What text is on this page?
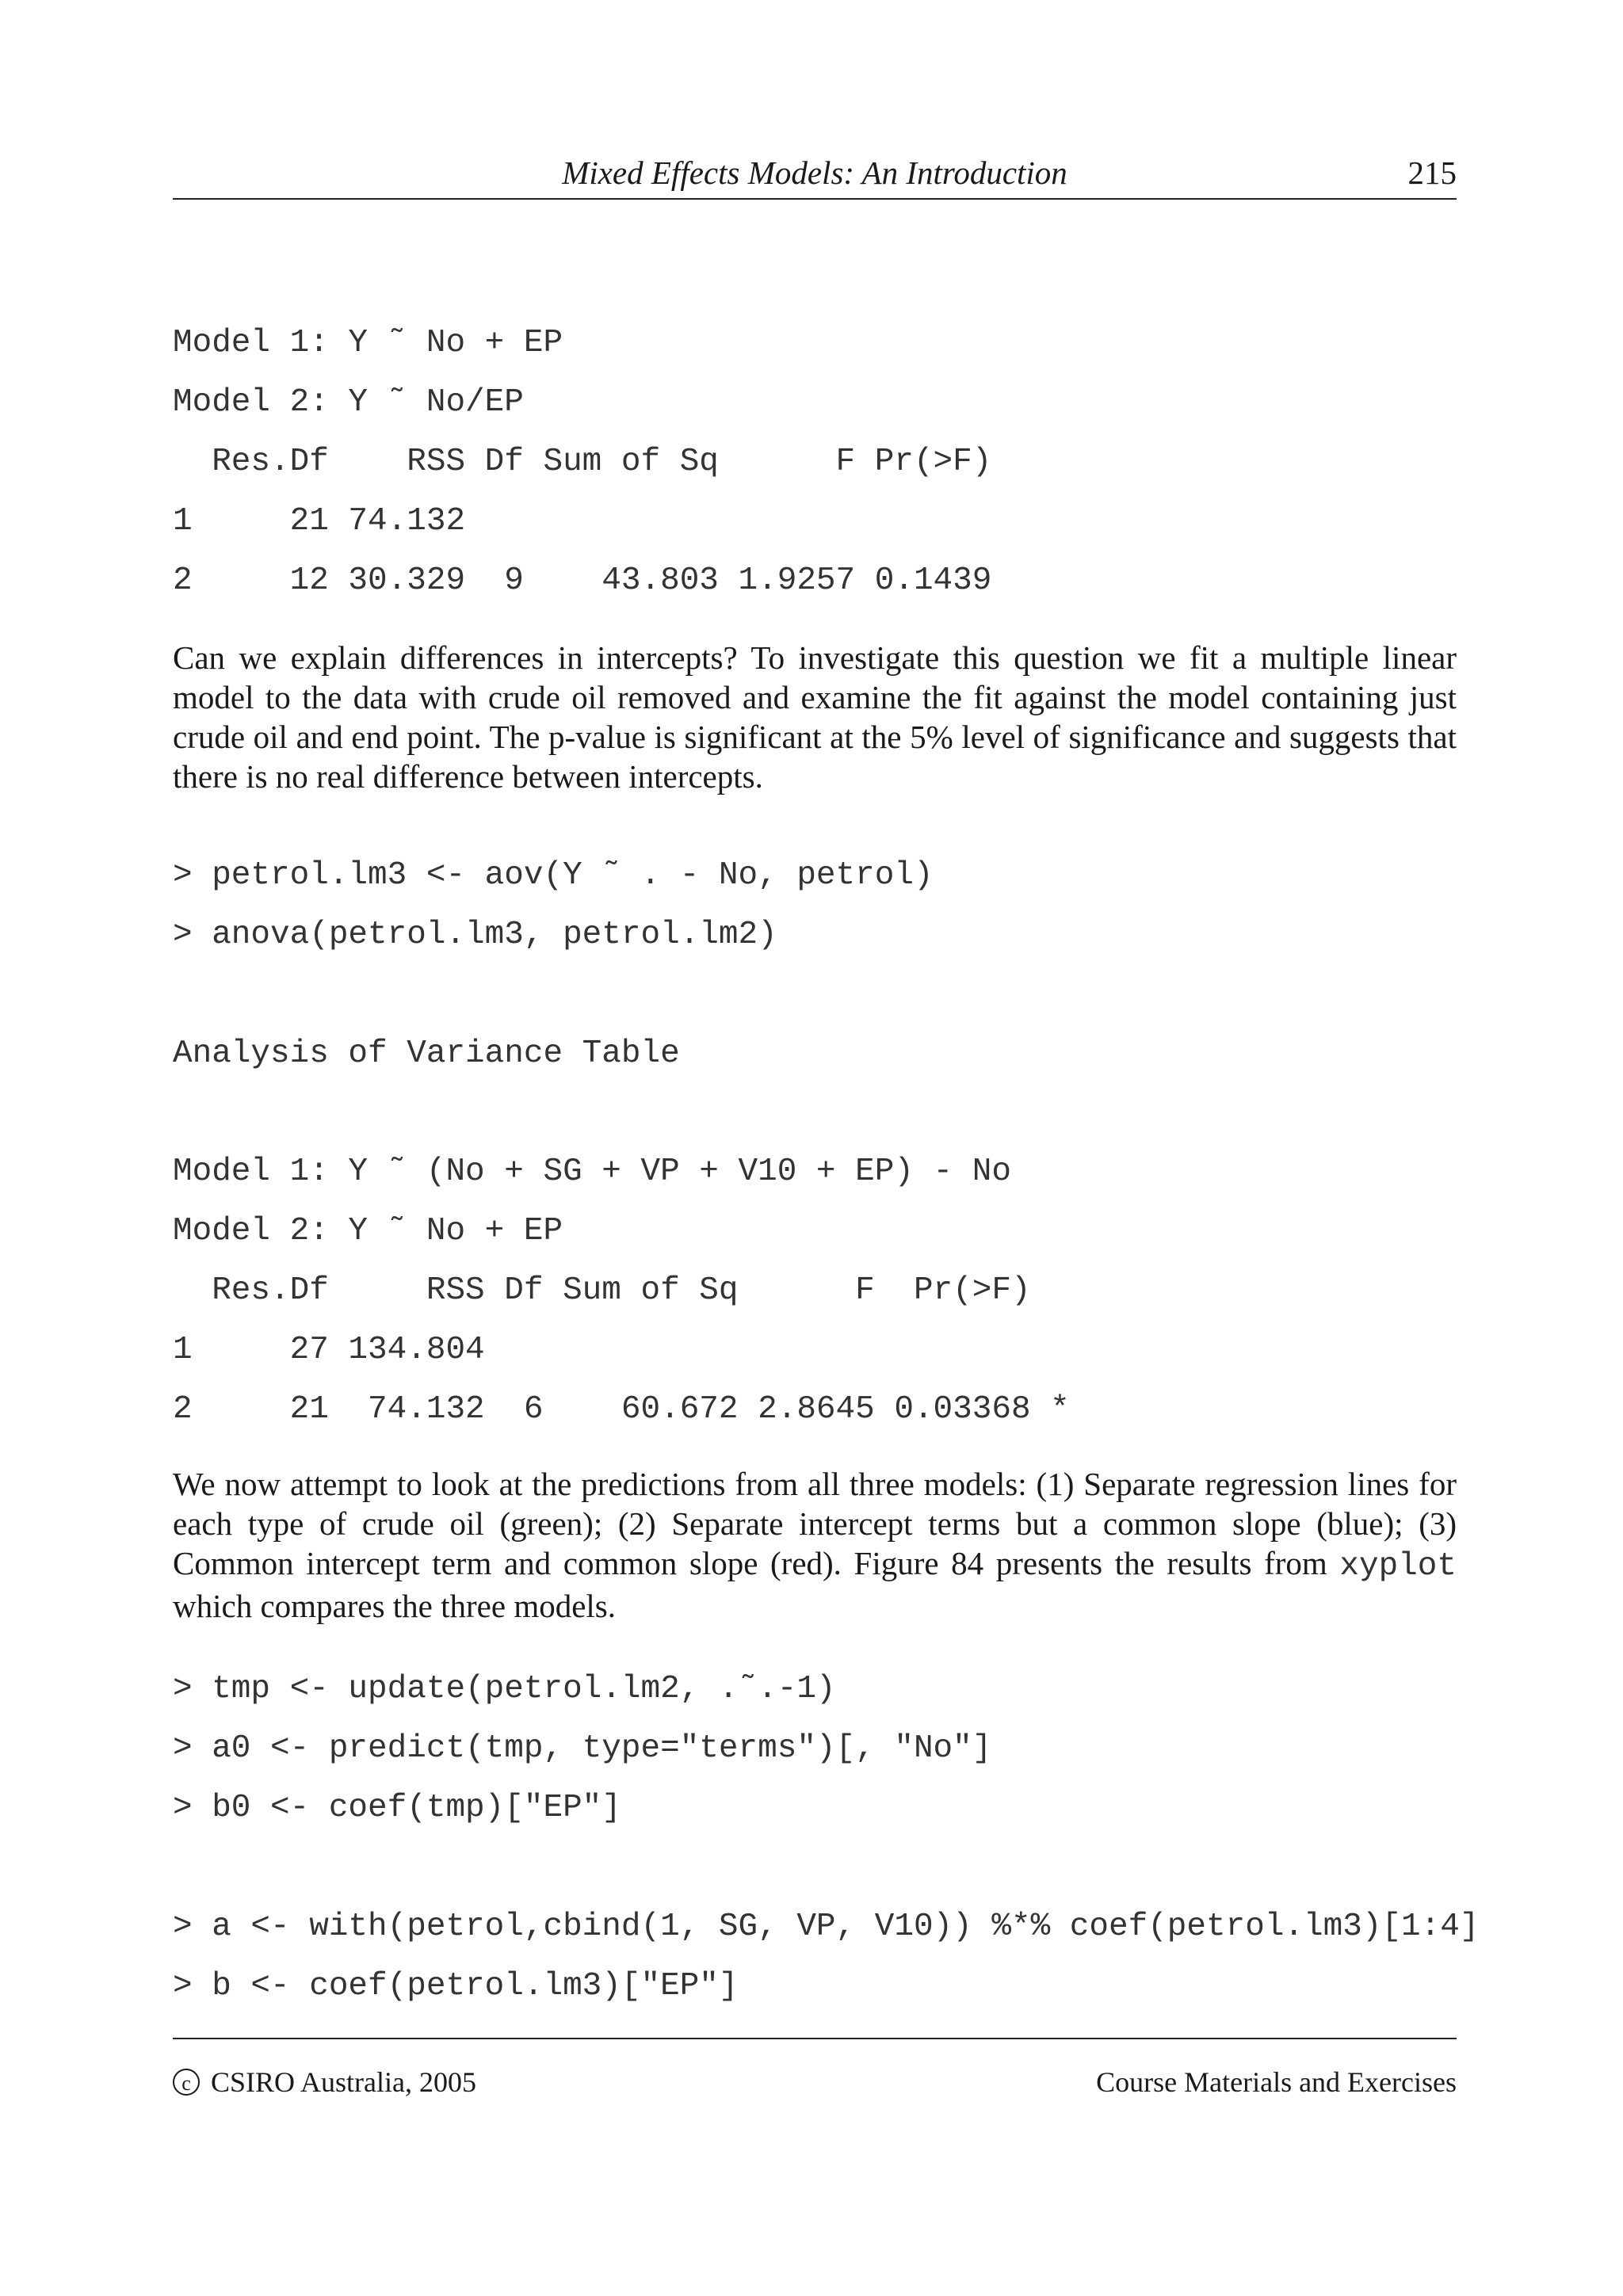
Mixed Effects Models: An Introduction	215
Model 1: Y ˜ No + EP
Model 2: Y ˜ No/EP
Res.Df    RSS Df Sum of Sq      F Pr(>F)
1     21 74.132
2     12 30.329  9    43.803 1.9257 0.1439

Can we explain differences in intercepts? To investigate this question we fit a multiple linear model to the data with crude oil removed and examine the fit against the model containing just crude oil and end point. The p-value is significant at the 5% level of significance and suggests that there is no real difference between intercepts.

> petrol.lm3 <- aov(Y ˜ . - No, petrol)
> anova(petrol.lm3, petrol.lm2)
Analysis of Variance Table
Model 1: Y ˜ (No + SG + VP + V10 + EP) - No
Model 2: Y ˜ No + EP
Res.Df     RSS Df Sum of Sq      F  Pr(>F)
1     27 134.804
2     21  74.132  6    60.672 2.8645 0.03368 *

We now attempt to look at the predictions from all three models: (1) Separate regression lines for each type of crude oil (green); (2) Separate intercept terms but a common slope (blue); (3) Common intercept term and common slope (red). Figure 84 presents the results from xyplot which compares the three models.

> tmp <- update(petrol.lm2, .˜.-1)
> a0 <- predict(tmp, type="terms")[, "No"]
> b0 <- coef(tmp)["EP"]
> a <- with(petrol,cbind(1, SG, VP, V10)) %*% coef(petrol.lm3)[1:4]
> b <- coef(petrol.lm3)["EP"]
c CSIRO Australia, 2005	Course Materials and Exercises
